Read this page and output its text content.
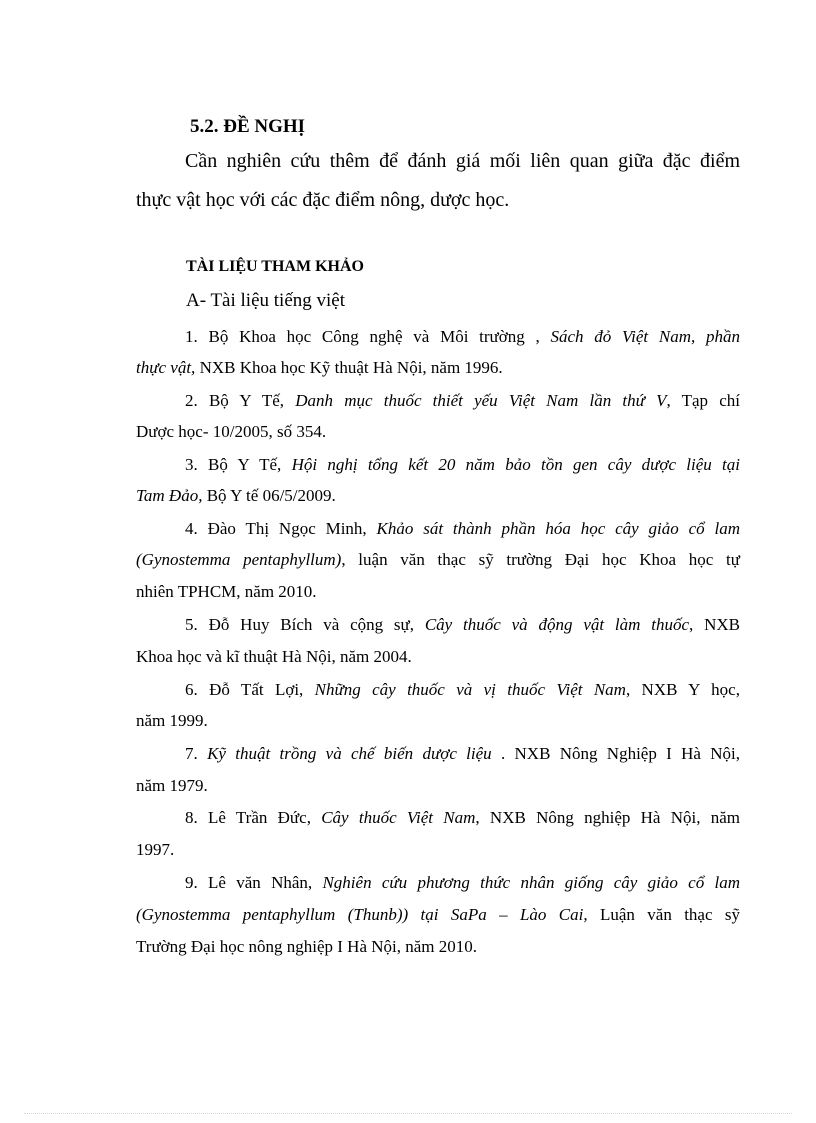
5.2. ĐỀ NGHỊ
Cần nghiên cứu thêm để đánh giá mối liên quan giữa đặc điểm
thực vật học với các đặc điểm nông, dược học.
TÀI LIỆU THAM KHẢO
A- Tài liệu tiếng việt
1. Bộ Khoa học Công nghệ và Môi trường , Sách đỏ Việt Nam, phần
thực vật, NXB Khoa học Kỹ thuật Hà Nội, năm 1996.
2. Bộ Y Tế, Danh mục thuốc thiết yếu Việt Nam lần thứ V, Tạp chí
Dược học- 10/2005, số 354.
3. Bộ Y Tế, Hội nghị tổng kết 20 năm bảo tồn gen cây dược liệu tại
Tam Đảo, Bộ Y tế 06/5/2009.
4. Đào Thị Ngọc Minh, Khảo sát thành phần hóa học cây giảo cổ lam
(Gynostemma pentaphyllum), luận văn thạc sỹ trường Đại học Khoa học tự
nhiên TPHCM, năm 2010.
5. Đỗ Huy Bích và cộng sự, Cây thuốc và động vật làm thuốc, NXB
Khoa học và kĩ thuật Hà Nội, năm 2004.
6. Đỗ Tất Lợi, Những cây thuốc và vị thuốc Việt Nam, NXB Y học,
năm 1999.
7. Kỹ thuật trồng và chế biến dược liệu . NXB Nông Nghiệp I Hà Nội,
năm 1979.
8. Lê Trần Đức, Cây thuốc Việt Nam, NXB Nông nghiệp Hà Nội, năm
1997.
9. Lê văn Nhân, Nghiên cứu phương thức nhân giống cây giảo cổ lam
(Gynostemma pentaphyllum (Thunb)) tại SaPa – Lào Cai, Luận văn thạc sỹ
Trường Đại học nông nghiệp I Hà Nội, năm 2010.
